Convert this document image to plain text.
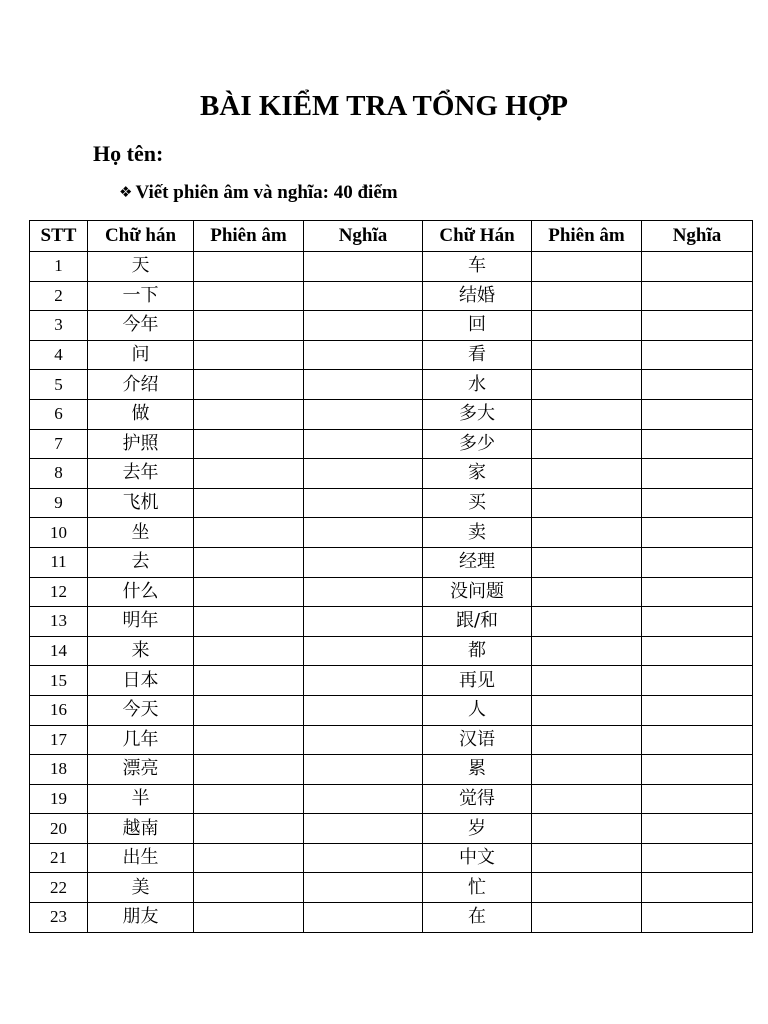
BÀI KIỂM TRA TỔNG HỢP
Họ tên:
❖ Viết phiên âm và nghĩa: 40 điểm
STT	Chữ hán	Phiên âm	Nghĩa	Chữ Hán	Phiên âm	Nghĩa
1	天			车		
2	一下			结婚		
3	今年			回		
4	问			看		
5	介绍			水		
6	做			多大		
7	护照			多少		
8	去年			家		
9	飞机			买		
10	坐			卖		
11	去			经理		
12	什么			没问题		
13	明年			跟/和		
14	来			都		
15	日本			再见		
16	今天			人		
17	几年			汉语		
18	漂亮			累		
19	半			觉得		
20	越南			岁		
21	出生			中文		
22	美			忙		
23	朋友			在		
